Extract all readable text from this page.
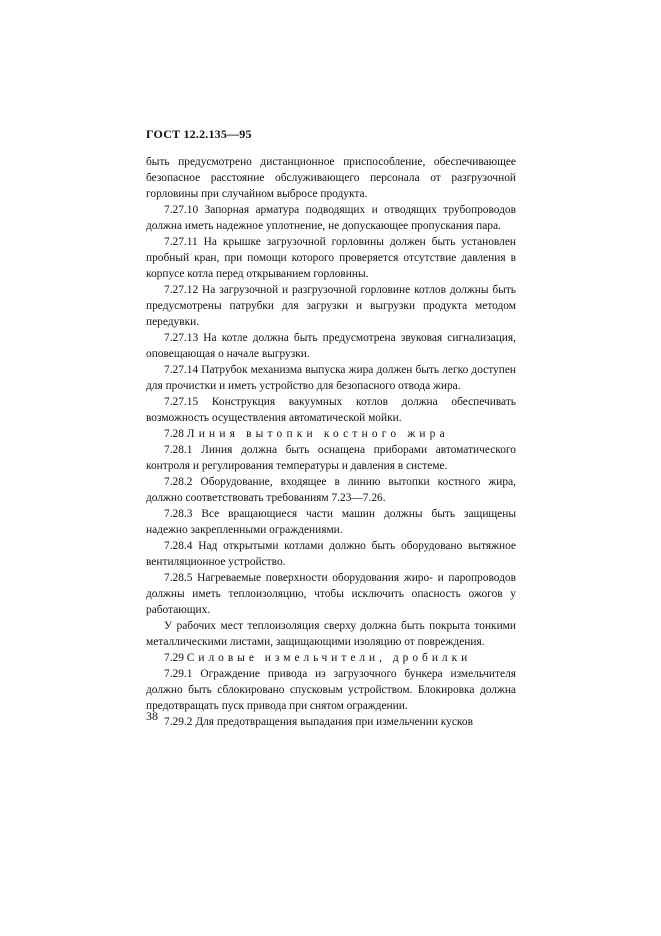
ГОСТ 12.2.135—95

быть предусмотрено дистанционное приспособление, обеспечивающее безопасное расстояние обслуживающего персонала от разгрузочной горловины при случайном выбросе продукта.

7.27.10 Запорная арматура подводящих и отводящих трубопроводов должна иметь надежное уплотнение, не допускающее пропускания пара.

7.27.11 На крышке загрузочной горловины должен быть установлен пробный кран, при помощи которого проверяется отсутствие давления в корпусе котла перед открыванием горловины.

7.27.12 На загрузочной и разгрузочной горловине котлов должны быть предусмотрены патрубки для загрузки и выгрузки продукта методом передувки.

7.27.13 На котле должна быть предусмотрена звуковая сигнализация, оповещающая о начале выгрузки.

7.27.14 Патрубок механизма выпуска жира должен быть легко доступен для прочистки и иметь устройство для безопасного отвода жира.

7.27.15 Конструкция вакуумных котлов должна обеспечивать возможность осуществления автоматической мойки.

7.28 Линия вытопки костного жира

7.28.1 Линия должна быть оснащена приборами автоматического контроля и регулирования температуры и давления в системе.

7.28.2 Оборудование, входящее в линию вытопки костного жира, должно соответствовать требованиям 7.23—7.26.

7.28.3 Все вращающиеся части машин должны быть защищены надежно закрепленными ограждениями.

7.28.4 Над открытыми котлами должно быть оборудовано вытяжное вентиляционное устройство.

7.28.5 Нагреваемые поверхности оборудования жиро- и паропроводов должны иметь теплоизоляцию, чтобы исключить опасность ожогов у работающих.

У рабочих мест теплоизоляция сверху должна быть покрыта тонкими металлическими листами, защищающими изоляцию от повреждения.

7.29 Силовые измельчители, дробилки

7.29.1 Ограждение привода из загрузочного бункера измельчителя должно быть сблокировано спусковым устройством. Блокировка должна предотвращать пуск привода при снятом ограждении.

7.29.2 Для предотвращения выпадания при измельчении кусков

38
